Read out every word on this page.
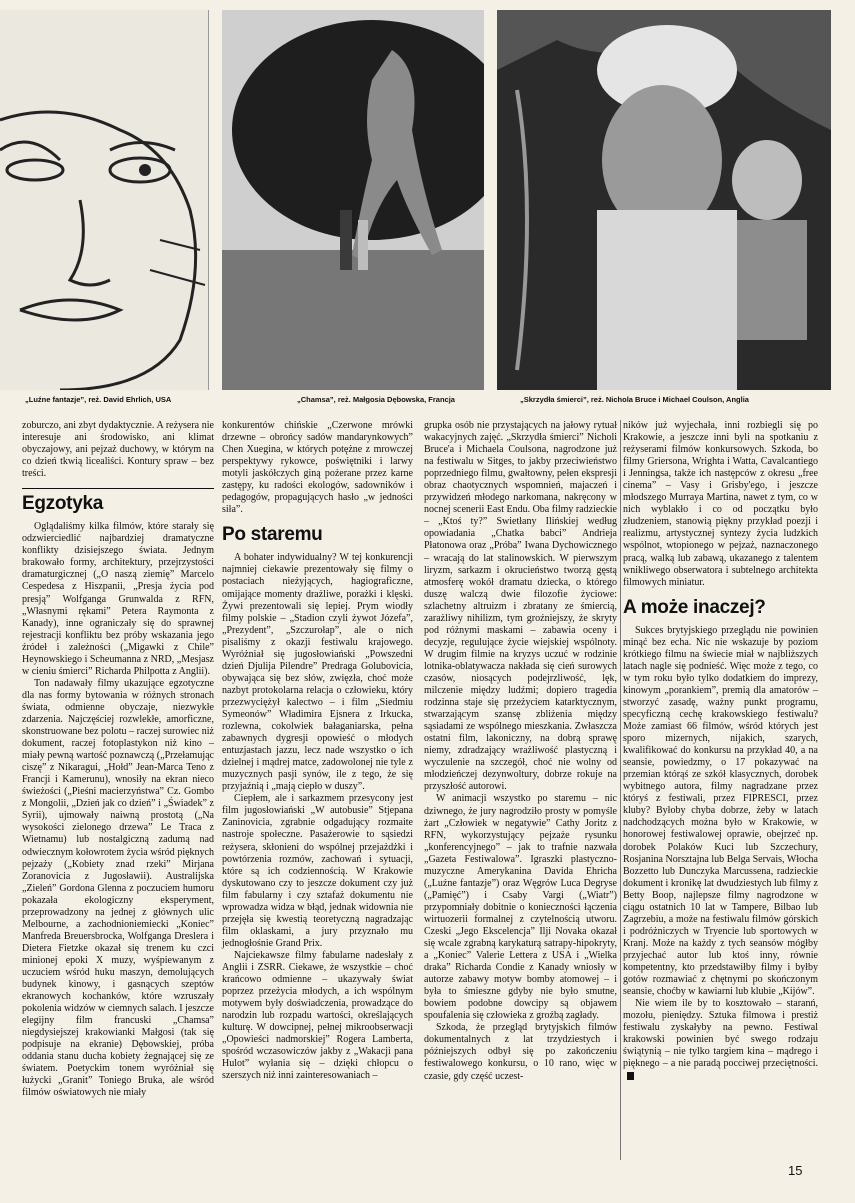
„Luźne fantazje”, reż. David Ehrlich, USA	„Chamsa”, reż. Małgosia Dębowska, Francja	„Skrzydła śmierci”, reż. Nichola Bruce i Michael Coulson, Anglia

zoburczo, ani zbyt dydaktycznie. A reżysera nie interesuje ani środowisko, ani klimat obyczajowy, ani pejzaż duchowy, w którym na co dzień tkwią licealiści. Kontury spraw – bez treści.

Egzotyka

Oglądaliśmy kilka filmów, które starały się odzwierciedlić najbardziej dramatyczne konflikty dzisiejszego świata. Jednym brakowało formy, architektury, przejrzystości dramaturgicznej („O naszą ziemię” Marcelo Cespedesa z Hiszpanii, „Presja życia pod presją” Wolfganga Grunwalda z RFN, „Własnymi rękami” Petera Raymonta z Kanady), inne ograniczały się do sprawnej rejestracji konfliktu bez próby wskazania jego źródeł i zależności („Migawki z Chile” Heynowskiego i Scheumanna z NRD, „Mesjasz w cieniu śmierci” Richarda Philpotta z Anglii).

Ton nadawały filmy ukazujące egzotyczne dla nas formy bytowania w różnych stronach świata, odmienne obyczaje, niezwykłe zdarzenia. Najczęściej rozwlekłe, amorficzne, skonstruowane bez polotu – raczej surowiec niż dokument, raczej fotoplastykon niż kino – miały pewną wartość poznawczą („Przełamując ciszę” z Nikaragui, „Hołd” Jean-Marca Teno z Francji i Kamerunu), wnosiły na ekran nieco świeżości („Pieśni macierzyństwa” Cz. Gombo z Mongolii, „Dzień jak co dzień” i „Świadek” z Syrii), ujmowały naiwną prostotą („Na wysokości zielonego drzewa” Le Traca z Wietnamu) lub nostalgiczną zadumą nad odwiecznym kołowrotem życia wśród pięknych pejzaży („Kobiety znad rzeki” Mirjana Zoranovicia z Jugosławii). Australijska „Zieleń” Gordona Glenna z poczuciem humoru pokazała ekologiczny eksperyment, przeprowadzony na jednej z głównych ulic Melbourne, a zachodnioniemiecki „Koniec” Manfreda Breuersbrocka, Wolfganga Dreslera i Dietera Fietzke okazał się trenem ku czci minionej epoki X muzy, wyśpiewanym z uczuciem wśród huku maszyn, demolujących budynek kinowy, i gasnących szeptów ekranowych kochanków, które wzruszały pokolenia widzów w ciemnych salach. I jeszcze elegijny film francuski „Chamsa” niegdysiejszej krakowianki Małgosi (tak się podpisuje na ekranie) Dębowskiej, próba oddania stanu ducha kobiety żegnającej się ze światem. Poetyckim tonem wyróżniał się łużycki „Granit” Toniego Bruka, ale wśród filmów oświatowych nie miały

konkurentów chińskie „Czerwone mrówki drzewne – obrońcy sadów mandarynkowych” Chen Xuegina, w których potężne z mrowczej perspektywy rykowce, poświętniki i larwy motyli jaskółczych giną pożerane przez karne zastępy, ku radości ekologów, sadowników i pedagogów, propagujących hasło „w jedności siła”.

Po staremu

A bohater indywidualny? W tej konkurencji najmniej ciekawie prezentowały się filmy o postaciach nieżyjących, hagiograficzne, omijające momenty drażliwe, porażki i klęski. Żywi prezentowali się lepiej. Prym wiodły filmy polskie – „Stadion czyli żywot Józefa”, „Prezydent”, „Szczurołap”, ale o nich pisaliśmy z okazji festiwalu krajowego. Wyróżniał się jugosłowiański „Powszedni dzień Djulija Pilendre” Predraga Golubovicia, obywająca się bez słów, zwięzła, choć może nazbyt protokolarna relacja o człowieku, który przezwyciężył kalectwo – i film „Siedmiu Symeonów” Władimira Ejsnera z Irkucka, rozlewna, cokolwiek bałaganiarska, pełna zabawnych dygresji opowieść o młodych entuzjastach jazzu, lecz nade wszystko o ich dzielnej i mądrej matce, zadowolonej nie tyle z muzycznych pasji synów, ile z tego, że się przyjaźnią i „mają ciepło w duszy”.

Ciepłem, ale i sarkazmem przesycony jest film jugosłowiański „W autobusie” Stjepana Zaninovicia, zgrabnie odgadujący rozmaite nastroje społeczne. Pasażerowie to sąsiedzi reżysera, skłonieni do wspólnej przejażdżki i powtórzenia rozmów, zachowań i sytuacji, które są ich codziennością. W Krakowie dyskutowano czy to jeszcze dokument czy już film fabularny i czy sztafaż dokumentu nie wprowadza widza w błąd, jednak widownia nie przejęła się kwestią teoretyczną nagradzając film oklaskami, a jury przyznało mu jednogłośnie Grand Prix.

Najciekawsze filmy fabularne nadesłały z Anglii i ZSRR. Ciekawe, że wszystkie – choć krańcowo odmienne – ukazywały świat poprzez przeżycia młodych, a ich wspólnym motywem były doświadczenia, prowadzące do narodzin lub rozpadu wartości, określających kulturę. W dowcipnej, pełnej mikroobserwacji „Opowieści nadmorskiej” Rogera Lamberta, spośród wczasowiczów jakby z „Wakacji pana Hulot” wyłania się – dzięki chłopcu o szerszych niż inni zainteresowaniach –

grupka osób nie przystających na jałowy rytuał wakacyjnych zajęć. „Skrzydła śmierci” Nicholi Bruce'a i Michaela Coulsona, nagrodzone już na festiwalu w Sitges, to jakby przeciwieństwo poprzedniego filmu, gwałtowny, pełen ekspresji obraz chaotycznych wspomnień, majaczeń i przywidzeń młodego narkomana, nakręcony w nocnej scenerii East Endu. Oba filmy radzieckie – „Ktoś ty?” Swietłany Ilińskiej według opowiadania „Chatka babci” Andrieja Płatonowa oraz „Próba” Iwana Dychowicznego – wracają do lat stalinowskich. W pierwszym liryzm, sarkazm i okrucieństwo tworzą gęstą atmosferę wokół dramatu dziecka, o którego duszę walczą dwie filozofie życiowe: szlachetny altruizm i zbratany ze śmiercią, zarażliwy nihilizm, tym groźniejszy, że skryty pod różnymi maskami – zabawia oceny i decyzje, regulujące życie wiejskiej wspólnoty. W drugim filmie na kryzys uczuć w rodzinie lotnika-oblatywacza nakłada się cień surowych czasów, niosących podejrzliwość, lęk, milczenie między ludźmi; dopiero tragedia rodzinna staje się przeżyciem katarktycznym, stwarzającym szansę zbliżenia między sąsiadami ze wspólnego mieszkania. Zwłaszcza ostatni film, lakoniczny, na dobrą sprawę niemy, zdradzający wrażliwość plastyczną i wyczulenie na szczegół, choć nie wolny od młodzieńczej dezynwoltury, dobrze rokuje na przyszłość autorowi.

W animacji wszystko po staremu – nic dziwnego, że jury nagrodziło prosty w pomyśle żart „Człowiek w negatywie” Cathy Joritz z RFN, wykorzystujący pejzaże rysunku „konferencyjnego” – jak to trafnie nazwała „Gazeta Festiwalowa”. Igraszki plastyczno-muzyczne Amerykanina Davida Ehricha („Luźne fantazje”) oraz Węgrów Luca Degryse („Pamięć”) i Csaby Vargi („Wiatr”) przypomniały dobitnie o konieczności łączenia wirtuozerii formalnej z czytelnością utworu. Czeski „Jego Ekscelencja” Ilji Novaka okazał się wcale zgrabną karykaturą satrapy-hipokryty, a „Koniec” Valerie Lettera z USA i „Wielka draka” Richarda Condie z Kanady wniosły w autorze zabawy motyw bomby atomowej – i była to śmieszne gdyby nie było smutne, bowiem podobne dowcipy są objawem spoufalenia się człowieka z groźbą zagłady.

Szkoda, że przegląd brytyjskich filmów dokumentalnych z lat trzydziestych i późniejszych odbył się po zakończeniu festiwalowego konkursu, o 10 rano, więc w czasie, gdy część uczest-

ników już wyjechała, inni rozbiegli się po Krakowie, a jeszcze inni byli na spotkaniu z reżyserami filmów konkursowych. Szkoda, bo filmy Griersona, Wrighta i Watta, Cavalcantiego i Jenningsa, także ich następców z okresu „free cinema” – Vasy i Grisby'ego, i jeszcze młodszego Murraya Martina, nawet z tym, co w nich wyblakło i co od początku było złudzeniem, stanowią piękny przykład poezji i realizmu, artystycznej syntezy życia ludzkich wspólnot, wtopionego w pejzaż, naznaczonego pracą, walką lub zabawą, ukazanego z talentem wnikliwego obserwatora i subtelnego architekta filmowych miniatur.

A może inaczej?

Sukces brytyjskiego przeglądu nie powinien minąć bez echa. Nic nie wskazuje by poziom krótkiego filmu na świecie miał w najbliższych latach nagle się podnieść. Więc może z tego, co w tym roku było tylko dodatkiem do imprezy, kinowym „porankiem”, premią dla amatorów – stworzyć zasadę, ważny punkt programu, specyficzną cechę krakowskiego festiwalu? Może zamiast 66 filmów, wśród których jest sporo mizernych, nijakich, szarych, kwalifikować do konkursu na przykład 40, a na seansie, powiedzmy, o 17 pokazywać na przemian którąś ze szkół klasycznych, dorobek wybitnego autora, filmy nagradzane przez któryś z festiwali, przez FIPRESCI, przez kluby? Byłoby chyba dobrze, żeby w latach nadchodzących można było w Krakowie, w honorowej festiwalowej oprawie, obejrzeć np. dorobek Polaków Kuci lub Szczechury, Rosjanina Norsztajna lub Belga Servais, Włocha Bozzetto lub Dunczyka Marcussena, radzieckie dokument i kronikę lat dwudziestych lub filmy z Betty Boop, najlepsze filmy nagrodzone w ciągu ostatnich 10 lat w Tampere, Bilbao lub Zagrzebiu, a może na festiwalu filmów górskich i podróżniczych w Tryencie lub sportowych w Kranj. Może na każdy z tych seansów mógłby przyjechać autor lub ktoś inny, równie kompetentny, kto przedstawiłby filmy i byłby gotów rozmawiać z chętnymi po skończonym seansie, choćby w kawiarni lub klubie „Kijów”.

Nie wiem ile by to kosztowało – staranń, mozołu, pieniędzy. Sztuka filmowa i prestiż festiwalu zyskałyby na pewno. Festiwal krakowski powinien być swego rodzaju świątynią – nie tylko targiem kina – mądrego i pięknego – a nie paradą pocciwej przeciętności.

15
